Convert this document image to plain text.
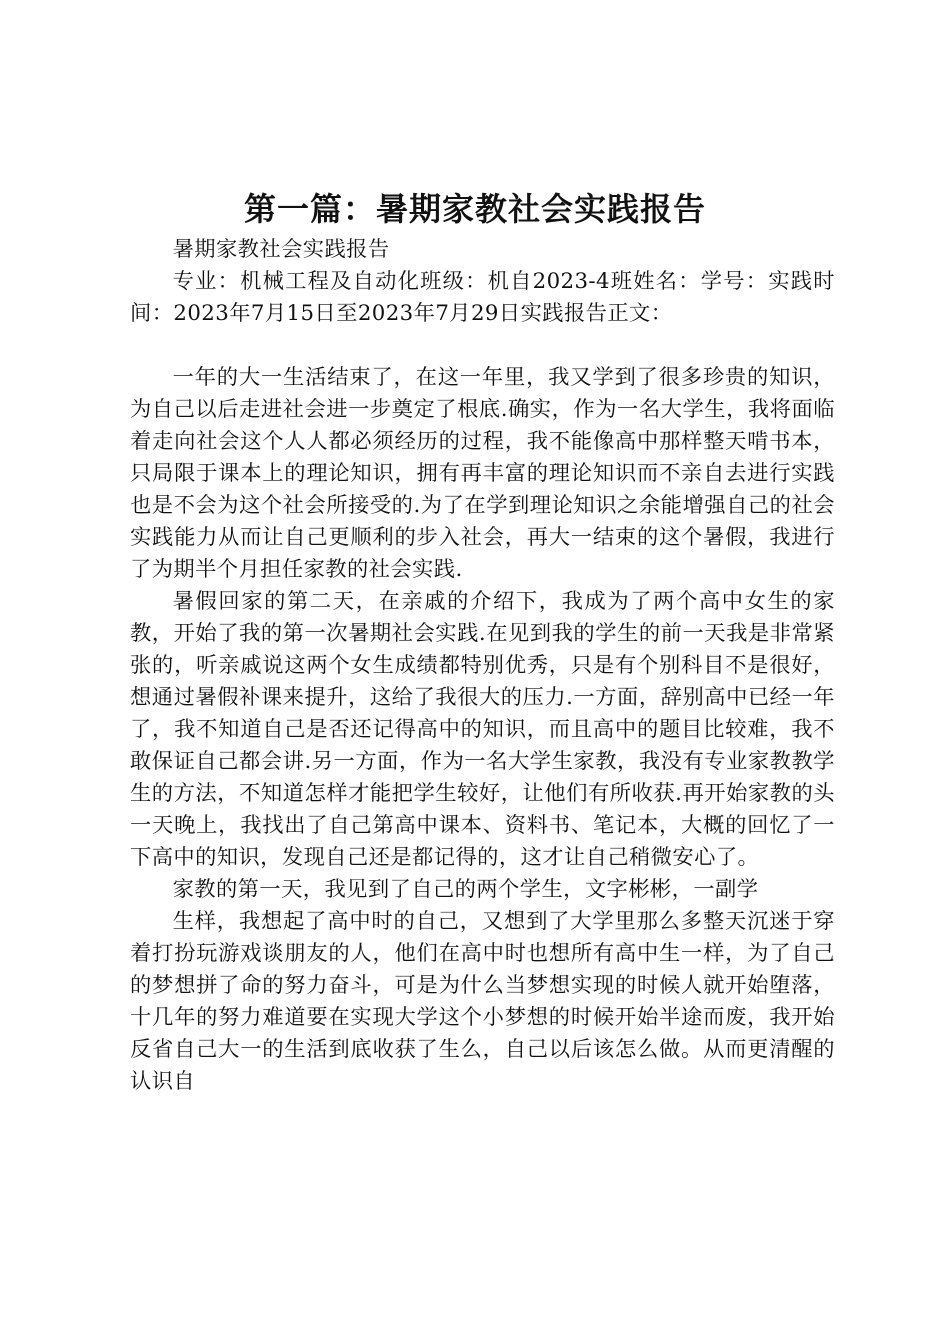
第一篇：暑期家教社会实践报告

暑期家教社会实践报告

专业：机械工程及自动化班级：机自2023-4班姓名：学号：实践时间：2023年7月15日至2023年7月29日实践报告正文：

一年的大一生活结束了，在这一年里，我又学到了很多珍贵的知识，为自己以后走进社会进一步奠定了根底.确实，作为一名大学生，我将面临着走向社会这个人人都必须经历的过程，我不能像高中那样整天啃书本，只局限于课本上的理论知识，拥有再丰富的理论知识而不亲自去进行实践也是不会为这个社会所接受的.为了在学到理论知识之余能增强自己的社会实践能力从而让自己更顺利的步入社会，再大一结束的这个暑假，我进行了为期半个月担任家教的社会实践.

暑假回家的第二天，在亲戚的介绍下，我成为了两个高中女生的家教，开始了我的第一次暑期社会实践.在见到我的学生的前一天我是非常紧张的，听亲戚说这两个女生成绩都特别优秀，只是有个别科目不是很好，想通过暑假补课来提升，这给了我很大的压力.一方面，辞别高中已经一年了，我不知道自己是否还记得高中的知识，而且高中的题目比较难，我不敢保证自己都会讲.另一方面，作为一名大学生家教，我没有专业家教教学生的方法，不知道怎样才能把学生较好，让他们有所收获.再开始家教的头一天晚上，我找出了自己第高中课本、资料书、笔记本，大概的回忆了一下高中的知识，发现自己还是都记得的，这才让自己稍微安心了。

家教的第一天，我见到了自己的两个学生，文字彬彬，一副学

生样，我想起了高中时的自己，又想到了大学里那么多整天沉迷于穿着打扮玩游戏谈朋友的人，他们在高中时也想所有高中生一样，为了自己的梦想拼了命的努力奋斗，可是为什么当梦想实现的时候人就开始堕落，十几年的努力难道要在实现大学这个小梦想的时候开始半途而废，我开始反省自己大一的生活到底收获了生么，自己以后该怎么做。从而更清醒的认识自
